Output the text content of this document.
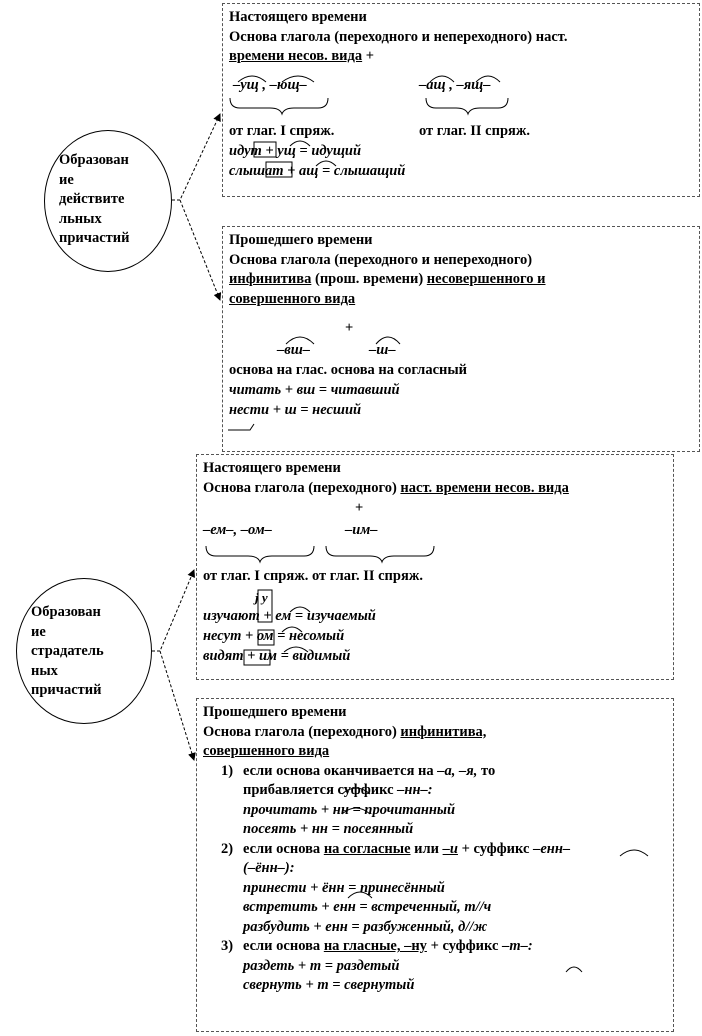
Образован
ие
действите
льных
причастий
Образован
ие
страдатель
ных
причастий
Настоящего времени
Основа глагола (переходного и непереходного) наст.
времени несов. вида +
–ущ , –ющ–	–ащ , –ящ–
от глаг. I спряж.	от глаг. II спряж.
идут + ущ = идущий
слышат + ащ = слышащий
Прошедшего времени
Основа глагола (переходного и непереходного)
инфинитива (прош. времени) несовершенного и
совершенного вида
+
–вш–	–ш–
основа на глас. основа на согласный
читать + вш = читавший
нести + ш = несший
Настоящего времени
Основа глагола (переходного) наст. времени несов. вида
+
–ем–, –ом–	–им–
от глаг. I спряж. от глаг. II спряж.
j у
изучают + ем = изучаемый
несут + ом = несомый
видят + им = видимый
Прошедшего времени
Основа глагола (переходного) инфинитива,
совершенного вида
1) если основа оканчивается на –а, –я, то
прибавляется суффикс –нн–:
прочитать + нн = прочитанный
посеять + нн = посеянный
2) если основа на согласные или –и + суффикс –енн–
(–ённ–):
принести + ённ = принесённый
встретить + енн = встреченный, т//ч
разбудить + енн = разбуженный, д//ж
3) если основа на гласные, –ну + суффикс –т–:
раздеть + т = раздетый
свернуть + т = свернутый
